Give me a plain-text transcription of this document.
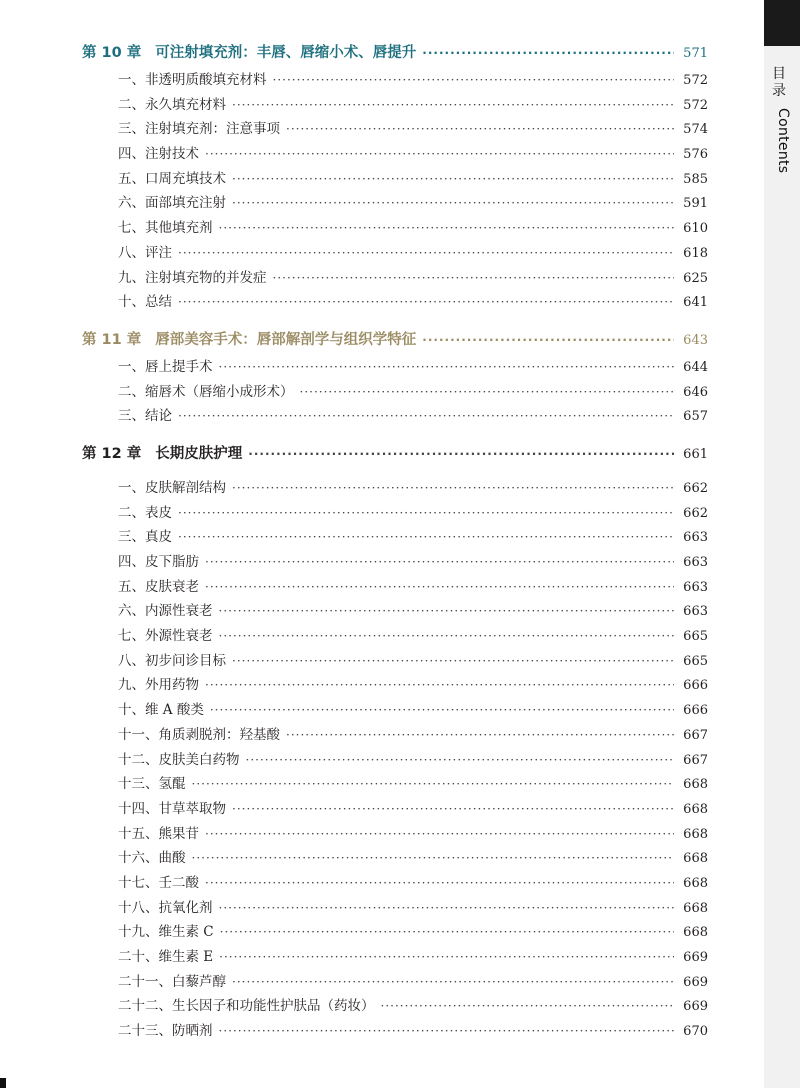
目 录
Contents
第 10 章 可注射填充剂：丰唇、唇缩小术、唇提升 ·····	571
一、非透明质酸填充材料 ·····	572
二、永久填充材料 ·····	572
三、注射填充剂：注意事项 ·····	574
四、注射技术 ·····	576
五、口周充填技术 ·····	585
六、面部填充注射 ·····	591
七、其他填充剂 ·····	610
八、评注 ·····	618
九、注射填充物的并发症 ·····	625
十、总结 ·····	641
第 11 章 唇部美容手术：唇部解剖学与组织学特征 ·····	643
一、唇上提手术 ·····	644
二、缩唇术（唇缩小成形术） ·····	646
三、结论 ·····	657
第 12 章 长期皮肤护理 ·····	661
一、皮肤解剖结构 ·····	662
二、表皮 ·····	662
三、真皮 ·····	663
四、皮下脂肪 ·····	663
五、皮肤衰老 ·····	663
六、内源性衰老 ·····	663
七、外源性衰老 ·····	665
八、初步问诊目标 ·····	665
九、外用药物 ·····	666
十、维 A 酸类 ·····	666
十一、角质剥脱剂：羟基酸 ·····	667
十二、皮肤美白药物 ·····	667
十三、氢醌 ·····	668
十四、甘草萃取物 ·····	668
十五、熊果苷 ·····	668
十六、曲酸 ·····	668
十七、壬二酸 ·····	668
十八、抗氧化剂 ·····	668
十九、维生素 C ·····	668
二十、维生素 E ·····	669
二十一、白藜芦醇 ·····	669
二十二、生长因子和功能性护肤品（药妆） ·····	669
二十三、防晒剂 ·····	670
